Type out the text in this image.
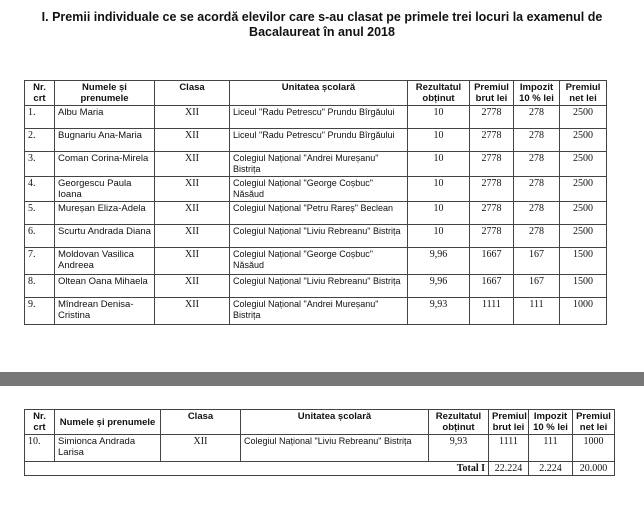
I. Premii individuale ce se acordă elevilor care s-au clasat pe primele trei locuri la examenul de Bacalaureat în anul 2018
Nr. crt	Numele și prenumele	Clasa	Unitatea școlară	Rezultatul obținut	Premiul brut lei	Impozit 10 % lei	Premiul net lei
1.	Albu Maria	XII	Liceul "Radu Petrescu" Prundu Bîrgăului	10	2778	278	2500
2.	Bugnariu Ana-Maria	XII	Liceul "Radu Petrescu" Prundu Bîrgăului	10	2778	278	2500
3.	Coman Corina-Mirela	XII	Colegiul Național "Andrei Mureșanu" Bistrița	10	2778	278	2500
4.	Georgescu Paula Ioana	XII	Colegiul Național "George Coșbuc" Năsăud	10	2778	278	2500
5.	Mureșan Eliza-Adela	XII	Colegiul Național "Petru Rareș" Beclean	10	2778	278	2500
6.	Scurtu Andrada Diana	XII	Colegiul Național "Liviu Rebreanu" Bistrița	10	2778	278	2500
7.	Moldovan Vasilica Andreea	XII	Colegiul Național "George Coșbuc" Năsăud	9,96	1667	167	1500
8.	Oltean Oana Mihaela	XII	Colegiul Național "Liviu Rebreanu" Bistrița	9,96	1667	167	1500
9.	Mîndrean Denisa-Cristina	XII	Colegiul Național "Andrei Mureșanu" Bistrița	9,93	1111	111	1000
Nr. crt	Numele și prenumele	Clasa	Unitatea școlară	Rezultatul obținut	Premiul brut lei	Impozit 10 % lei	Premiul net lei
10.	Simionca Andrada Larisa	XII	Colegiul Național "Liviu Rebreanu" Bistrița	9,93	1111	111	1000
Total I					22.224	2.224	20.000
